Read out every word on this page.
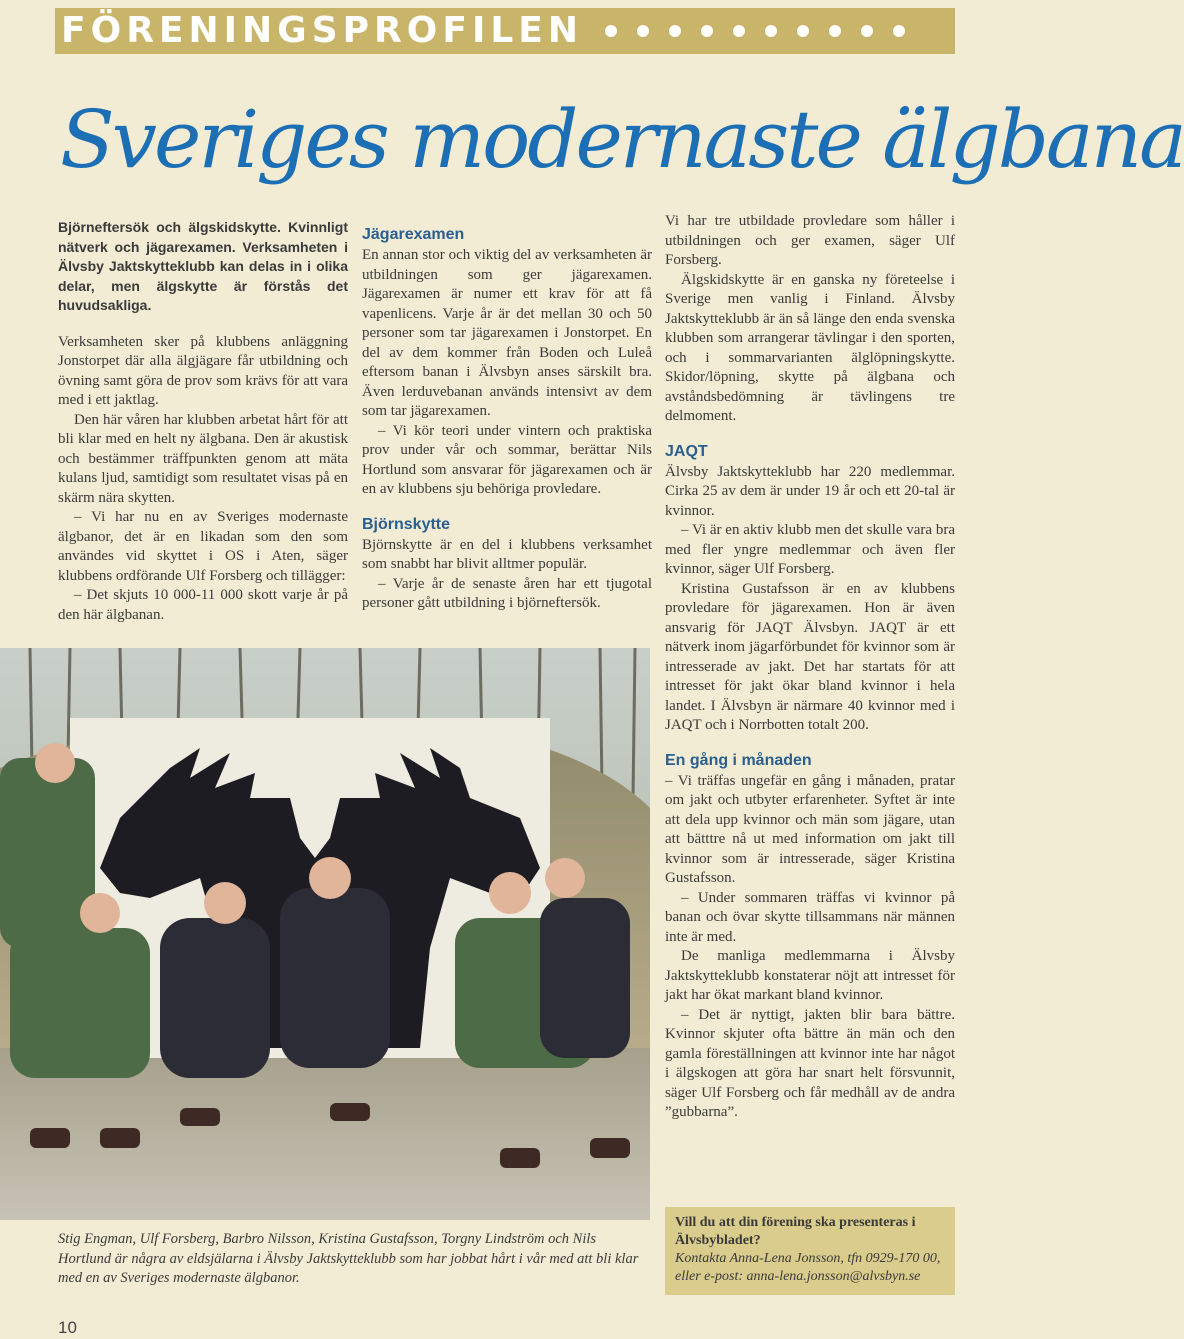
FÖRENINGSPROFILEN
Sveriges modernaste älgbana

Björneftersök och älgskidskytte. Kvinnligt nätverk och jägarexamen. Verksamheten i Älvsby Jaktskytteklubb kan delas in i olika delar, men älgskytte är förstås det huvudsakliga.

Verksamheten sker på klubbens anläggning Jonstorpet där alla älgjägare får utbildning och övning samt göra de prov som krävs för att vara med i ett jaktlag.

Den här våren har klubben arbetat hårt för att bli klar med en helt ny älgbana. Den är akustisk och bestämmer träffpunkten genom att mäta kulans ljud, samtidigt som resultatet visas på en skärm nära skytten.

– Vi har nu en av Sveriges modernaste älgbanor, det är en likadan som den som användes vid skyttet i OS i Aten, säger klubbens ordförande Ulf Forsberg och tillägger:

– Det skjuts 10 000-11 000 skott varje år på den här älgbanan.

Jägarexamen

En annan stor och viktig del av verksamheten är utbildningen som ger jägarexamen. Jägarexamen är numer ett krav för att få vapenlicens. Varje år är det mellan 30 och 50 personer som tar jägarexamen i Jonstorpet. En del av dem kommer från Boden och Luleå eftersom banan i Älvsbyn anses särskilt bra. Även lerduvebanan används intensivt av dem som tar jägarexamen.

– Vi kör teori under vintern och praktiska prov under vår och sommar, berättar Nils Hortlund som ansvarar för jägarexamen och är en av klubbens sju behöriga provledare.

Björnskytte

Björnskytte är en del i klubbens verksamhet som snabbt har blivit alltmer populär.

– Varje år de senaste åren har ett tjugotal personer gått utbildning i björneftersök.

Vi har tre utbildade provledare som håller i utbildningen och ger examen, säger Ulf Forsberg.

Älgskidskytte är en ganska ny företeelse i Sverige men vanlig i Finland. Älvsby Jaktskytteklubb är än så länge den enda svenska klubben som arrangerar tävlingar i den sporten, och i sommarvarianten älglöpningskytte. Skidor/löpning, skytte på älgbana och avståndsbedömning är tävlingens tre delmoment.

JAQT

Älvsby Jaktskytteklubb har 220 medlemmar. Cirka 25 av dem är under 19 år och ett 20-tal är kvinnor.

– Vi är en aktiv klubb men det skulle vara bra med fler yngre medlemmar och även fler kvinnor, säger Ulf Forsberg.

Kristina Gustafsson är en av klubbens provledare för jägarexamen. Hon är även ansvarig för JAQT Älvsbyn. JAQT är ett nätverk inom jägarförbundet för kvinnor som är intresserade av jakt. Det har startats för att intresset för jakt ökar bland kvinnor i hela landet. I Älvsbyn är närmare 40 kvinnor med i JAQT och i Norrbotten totalt 200.

En gång i månaden

– Vi träffas ungefär en gång i månaden, pratar om jakt och utbyter erfarenheter. Syftet är inte att dela upp kvinnor och män som jägare, utan att bätttre nå ut med information om jakt till kvinnor som är intresserade, säger Kristina Gustafsson.

– Under sommaren träffas vi kvinnor på banan och övar skytte tillsammans när männen inte är med.

De manliga medlemmarna i Älvsby Jaktskytteklubb konstaterar nöjt att intresset för jakt har ökat markant bland kvinnor.

– Det är nyttigt, jakten blir bara bättre. Kvinnor skjuter ofta bättre än män och den gamla föreställningen att kvinnor inte har något i älgskogen att göra har snart helt försvunnit, säger Ulf Forsberg och får medhåll av de andra ”gubbarna”.

Stig Engman, Ulf Forsberg, Barbro Nilsson, Kristina Gustafsson, Torgny Lindström och Nils Hortlund är några av eldsjälarna i Älvsby Jaktskytteklubb som har jobbat hårt i vår med att bli klar med en av Sveriges modernaste älgbanor.
Vill du att din förening ska presenteras i Älvsbybladet?
Kontakta Anna-Lena Jonsson, tfn 0929-170 00, eller e-post: anna-lena.jonsson@alvsbyn.se
10
